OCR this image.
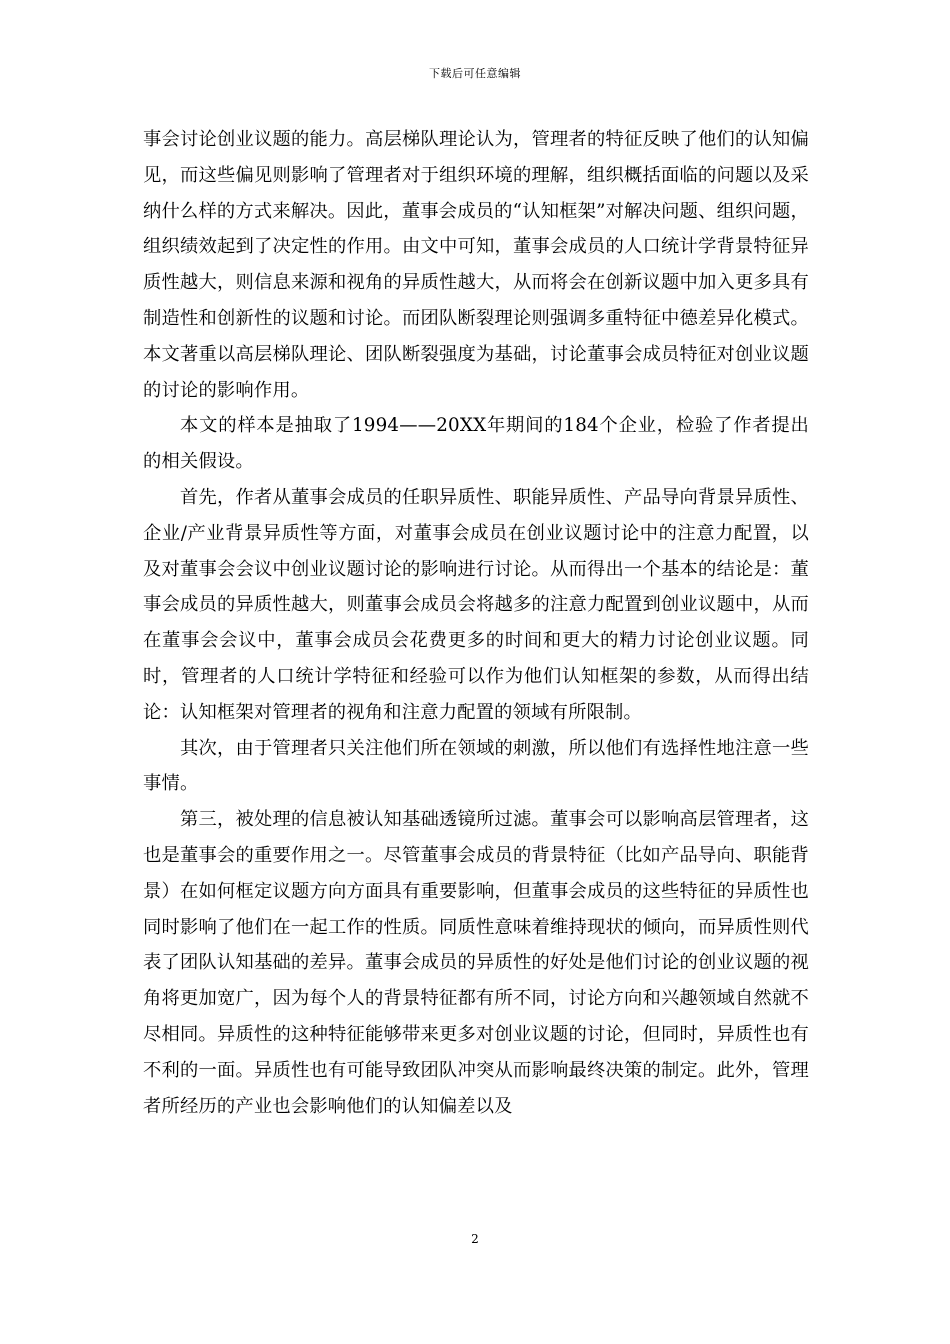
下载后可任意编辑

事会讨论创业议题的能力。高层梯队理论认为，管理者的特征反映了他们的认知偏见，而这些偏见则影响了管理者对于组织环境的理解，组织概括面临的问题以及采纳什么样的方式来解决。因此，董事会成员的“认知框架”对解决问题、组织问题，组织绩效起到了决定性的作用。由文中可知，董事会成员的人口统计学背景特征异质性越大，则信息来源和视角的异质性越大，从而将会在创新议题中加入更多具有制造性和创新性的议题和讨论。而团队断裂理论则强调多重特征中德差异化模式。本文著重以高层梯队理论、团队断裂强度为基础，讨论董事会成员特征对创业议题的讨论的影响作用。

本文的样本是抽取了1994——20XX年期间的184个企业，检验了作者提出的相关假设。

首先，作者从董事会成员的任职异质性、职能异质性、产品导向背景异质性、企业/产业背景异质性等方面，对董事会成员在创业议题讨论中的注意力配置，以及对董事会会议中创业议题讨论的影响进行讨论。从而得出一个基本的结论是：董事会成员的异质性越大，则董事会成员会将越多的注意力配置到创业议题中，从而在董事会会议中，董事会成员会花费更多的时间和更大的精力讨论创业议题。同时，管理者的人口统计学特征和经验可以作为他们认知框架的参数，从而得出结论：认知框架对管理者的视角和注意力配置的领域有所限制。

其次，由于管理者只关注他们所在领域的刺激，所以他们有选择性地注意一些事情。

第三，被处理的信息被认知基础透镜所过滤。董事会可以影响高层管理者，这也是董事会的重要作用之一。尽管董事会成员的背景特征（比如产品导向、职能背景）在如何框定议题方向方面具有重要影响，但董事会成员的这些特征的异质性也同时影响了他们在一起工作的性质。同质性意味着维持现状的倾向，而异质性则代表了团队认知基础的差异。董事会成员的异质性的好处是他们讨论的创业议题的视角将更加宽广，因为每个人的背景特征都有所不同，讨论方向和兴趣领域自然就不尽相同。异质性的这种特征能够带来更多对创业议题的讨论，但同时，异质性也有不利的一面。异质性也有可能导致团队冲突从而影响最终决策的制定。此外，管理者所经历的产业也会影响他们的认知偏差以及

2
